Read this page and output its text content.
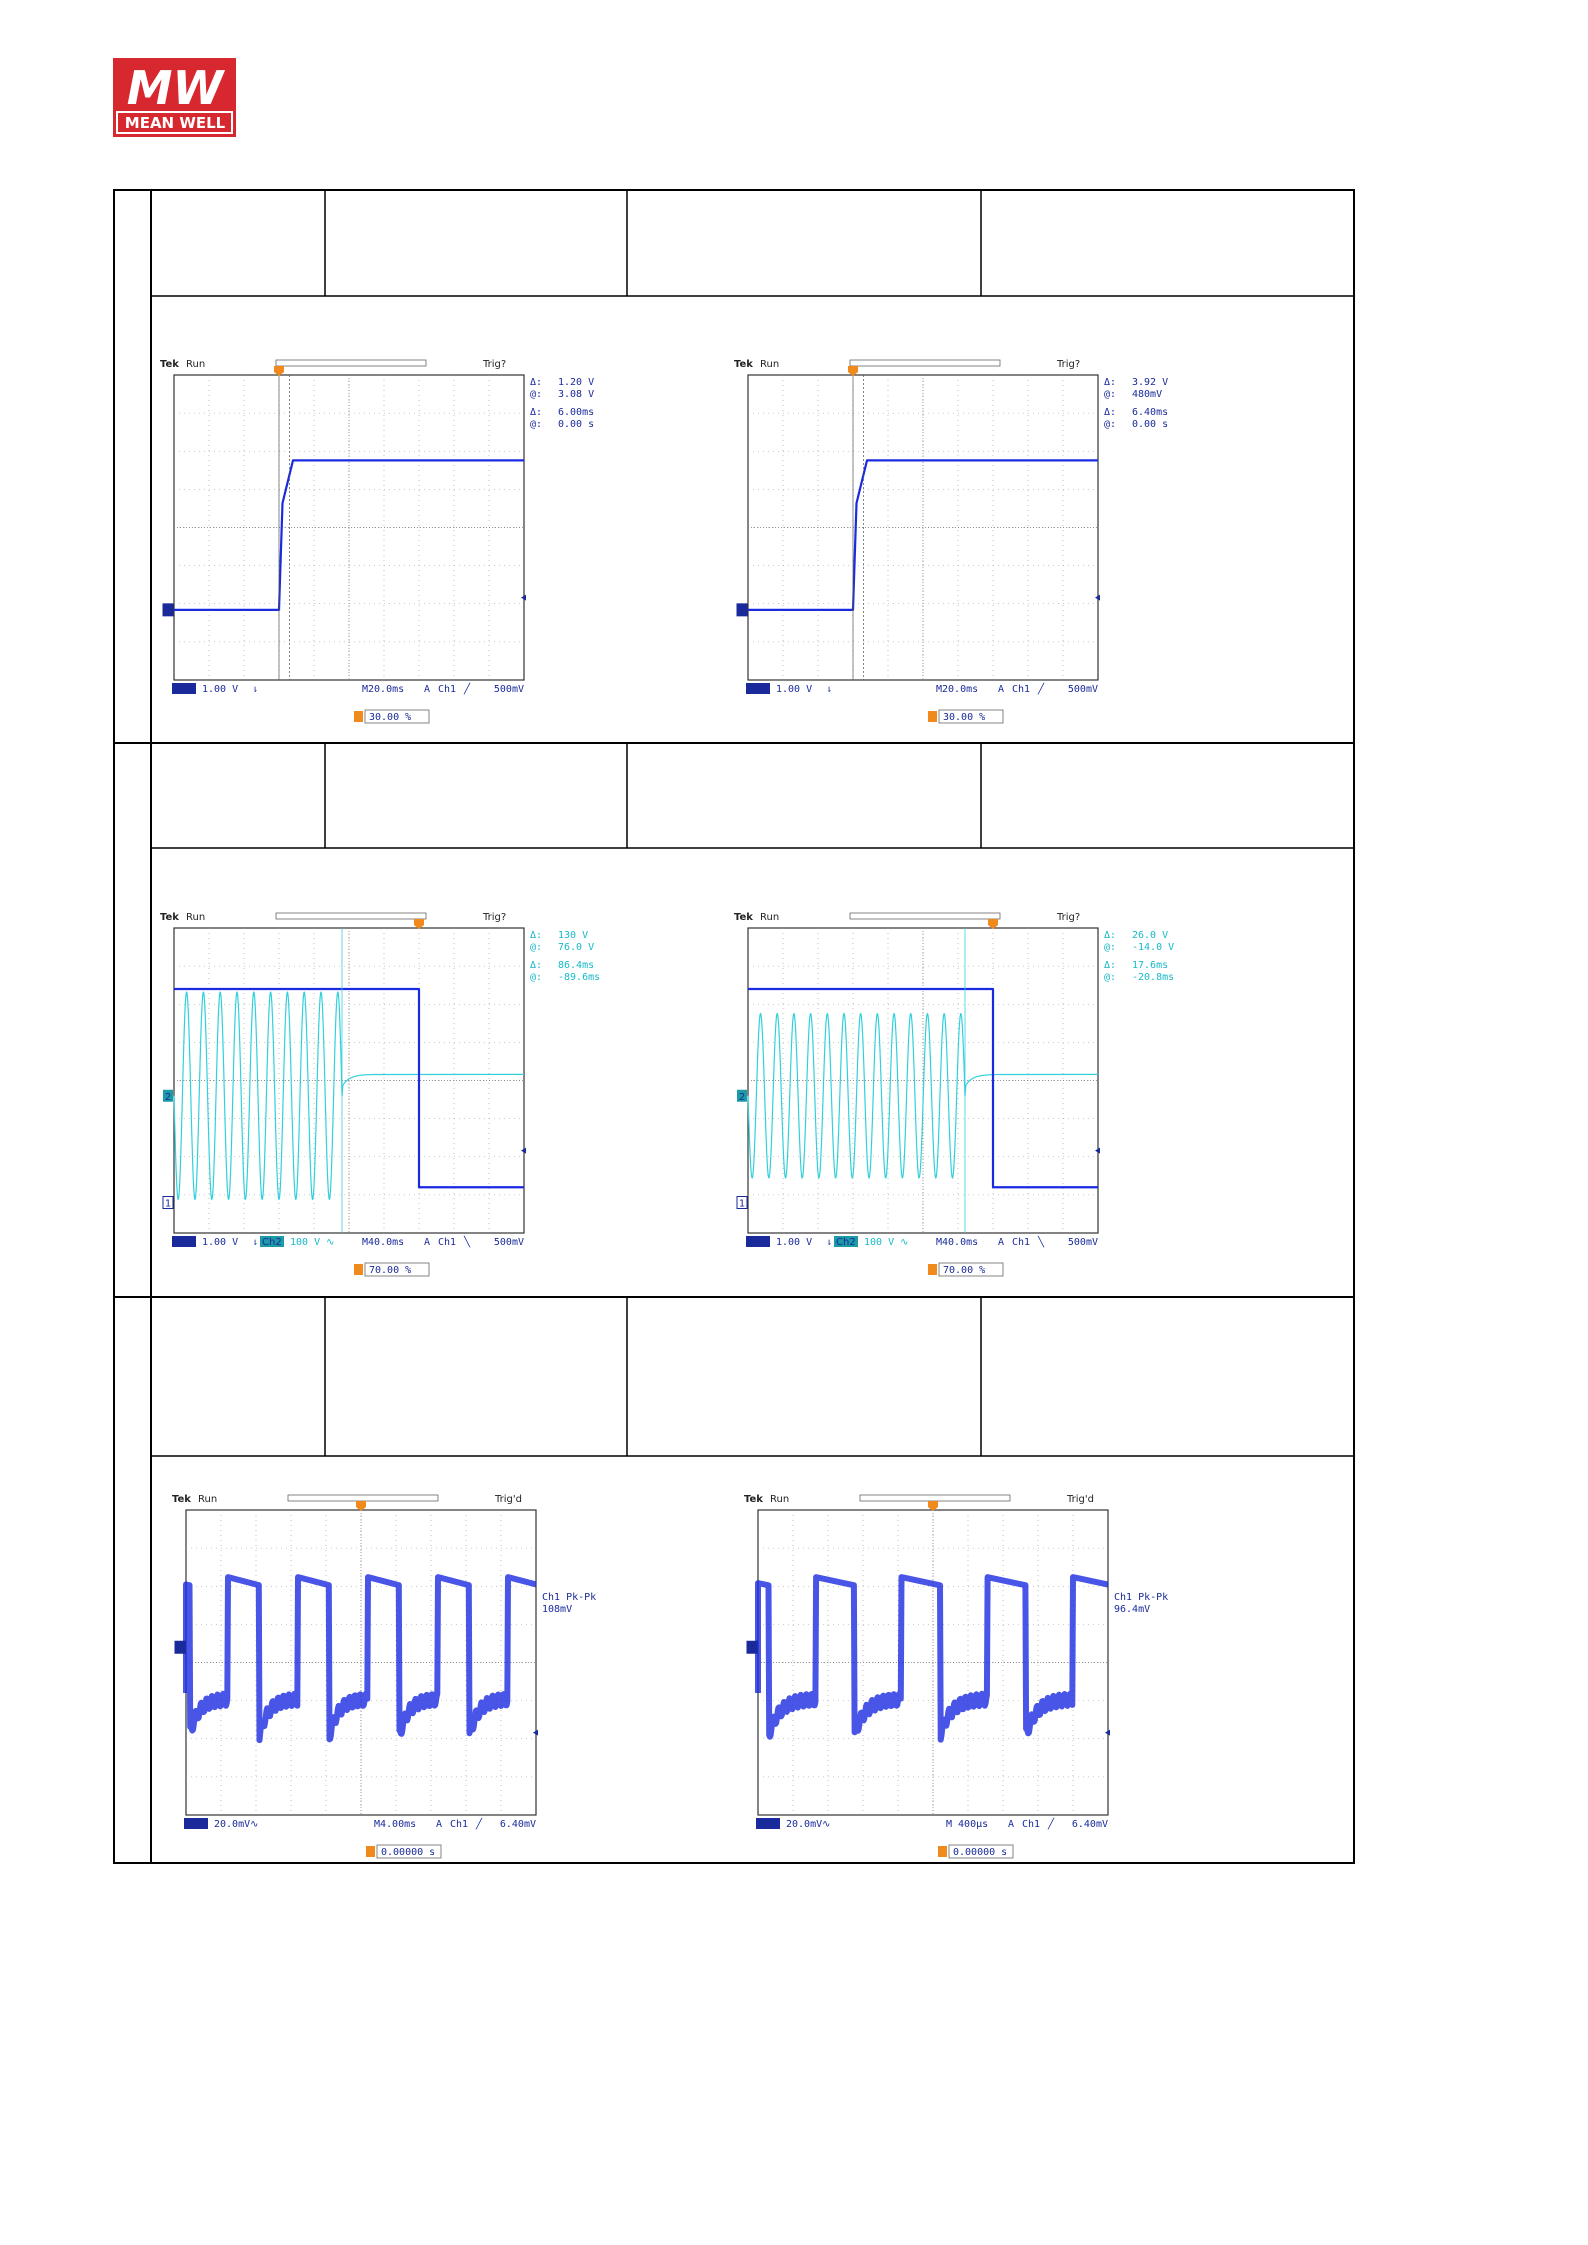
MW
MEAN WELL
Tek Run	Trig?
1
Δ: 1.20 V
@: 3.08 V
Δ: 6.00ms
@: 0.00 s
Ch1 1.00 V ⇂	M20.0ms A Ch1 ╱ 500mV
30.00 %
Tek Run	Trig?
1
Δ: 3.92 V
@: 480mV
Δ: 6.40ms
@: 0.00 s
Ch1 1.00 V ⇂	M20.0ms A Ch1 ╱ 500mV
30.00 %
Tek Run	Trig?
1
2
Δ: 130 V
@: 76.0 V
Δ: 86.4ms
@: -89.6ms
Ch1 1.00 V ⇂ Ch2 100 V ∿	M40.0ms A Ch1 ╲ 500mV
70.00 %
Tek Run	Trig?
1
2
Δ: 26.0 V
@: -14.0 V
Δ: 17.6ms
@: -20.8ms
Ch1 1.00 V ⇂ Ch2 100 V ∿	M40.0ms A Ch1 ╲ 500mV
70.00 %
Tek Run	Trig'd
1
Ch1 Pk-Pk
108mV
Ch1 20.0mV∿	M4.00ms A Ch1 ╱ 6.40mV
0.00000 s
Tek Run	Trig'd
1
Ch1 Pk-Pk
96.4mV
Ch1 20.0mV∿	M 400µs A Ch1 ╱ 6.40mV
0.00000 s
